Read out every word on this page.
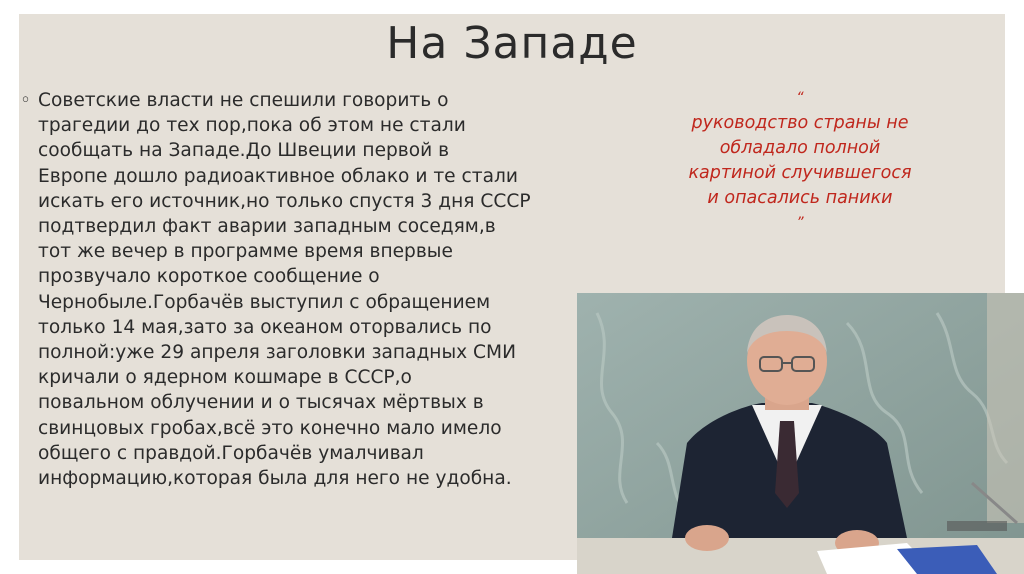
На Западе
◦ Советские власти не спешили говорить о
трагедии до тех пор,пока об этом не стали
сообщать на Западе.До Швеции первой в
Европе дошло радиоактивное облако и те стали
искать его источник,но только спустя 3 дня СССР
подтвердил факт аварии западным соседям,в
тот же вечер в программе время впервые
прозвучало короткое сообщение о
Чернобыле.Горбачёв выступил с обращением
только 14 мая,зато за океаном оторвались по
полной:уже 29 апреля заголовки западных СМИ
кричали о ядерном кошмаре в СССР,о
повальном облучении и о тысячах мёртвых в
свинцовых гробах,всё это конечно мало имело
общего с правдой.Горбачёв умалчивал
информацию,которая была для него не удобна.
“
руководство страны не
обладало полной
картиной случившегося
и опасались паники
”
